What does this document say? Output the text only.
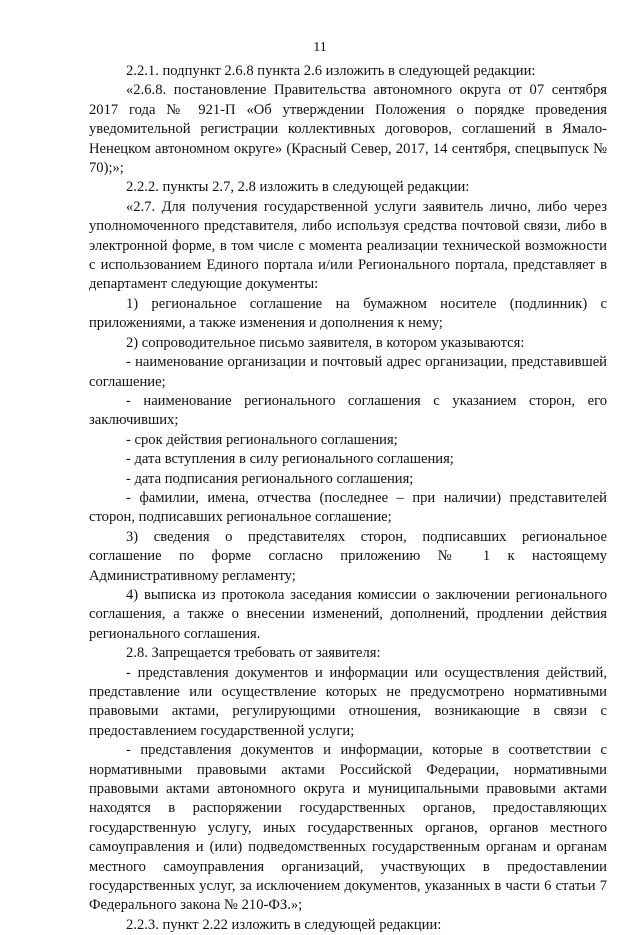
11

2.2.1. подпункт 2.6.8 пункта 2.6 изложить в следующей редакции:

«2.6.8. постановление Правительства автономного округа от 07 сентября 2017 года № 921-П «Об утверждении Положения о порядке проведения уведомительной регистрации коллективных договоров, соглашений в Ямало-Ненецком автономном округе» (Красный Север, 2017, 14 сентября, спецвыпуск № 70);»;

2.2.2. пункты 2.7, 2.8 изложить в следующей редакции:

«2.7. Для получения государственной услуги заявитель лично, либо через уполномоченного представителя, либо используя средства почтовой связи, либо в электронной форме, в том числе с момента реализации технической возможности с использованием Единого портала и/или Регионального портала, представляет в департамент следующие документы:

1) региональное соглашение на бумажном носителе (подлинник) с приложениями, а также изменения и дополнения к нему;

2) сопроводительное письмо заявителя, в котором указываются:

- наименование организации и почтовый адрес организации, представившей соглашение;

- наименование регионального соглашения с указанием сторон, его заключивших;

- срок действия регионального соглашения;

- дата вступления в силу регионального соглашения;

- дата подписания регионального соглашения;

- фамилии, имена, отчества (последнее – при наличии) представителей сторон, подписавших региональное соглашение;

3) сведения о представителях сторон, подписавших региональное соглашение по форме согласно приложению № 1 к настоящему Административному регламенту;

4) выписка из протокола заседания комиссии о заключении регионального соглашения, а также о внесении изменений, дополнений, продлении действия регионального соглашения.

2.8. Запрещается требовать от заявителя:

- представления документов и информации или осуществления действий, представление или осуществление которых не предусмотрено нормативными правовыми актами, регулирующими отношения, возникающие в связи с предоставлением государственной услуги;

- представления документов и информации, которые в соответствии с нормативными правовыми актами Российской Федерации, нормативными правовыми актами автономного округа и муниципальными правовыми актами находятся в распоряжении государственных органов, предоставляющих государственную услугу, иных государственных органов, органов местного самоуправления и (или) подведомственных государственным органам и органам местного самоуправления организаций, участвующих в предоставлении государственных услуг, за исключением документов, указанных в части 6 статьи 7 Федерального закона № 210-ФЗ.»;

2.2.3. пункт 2.22 изложить в следующей редакции:
